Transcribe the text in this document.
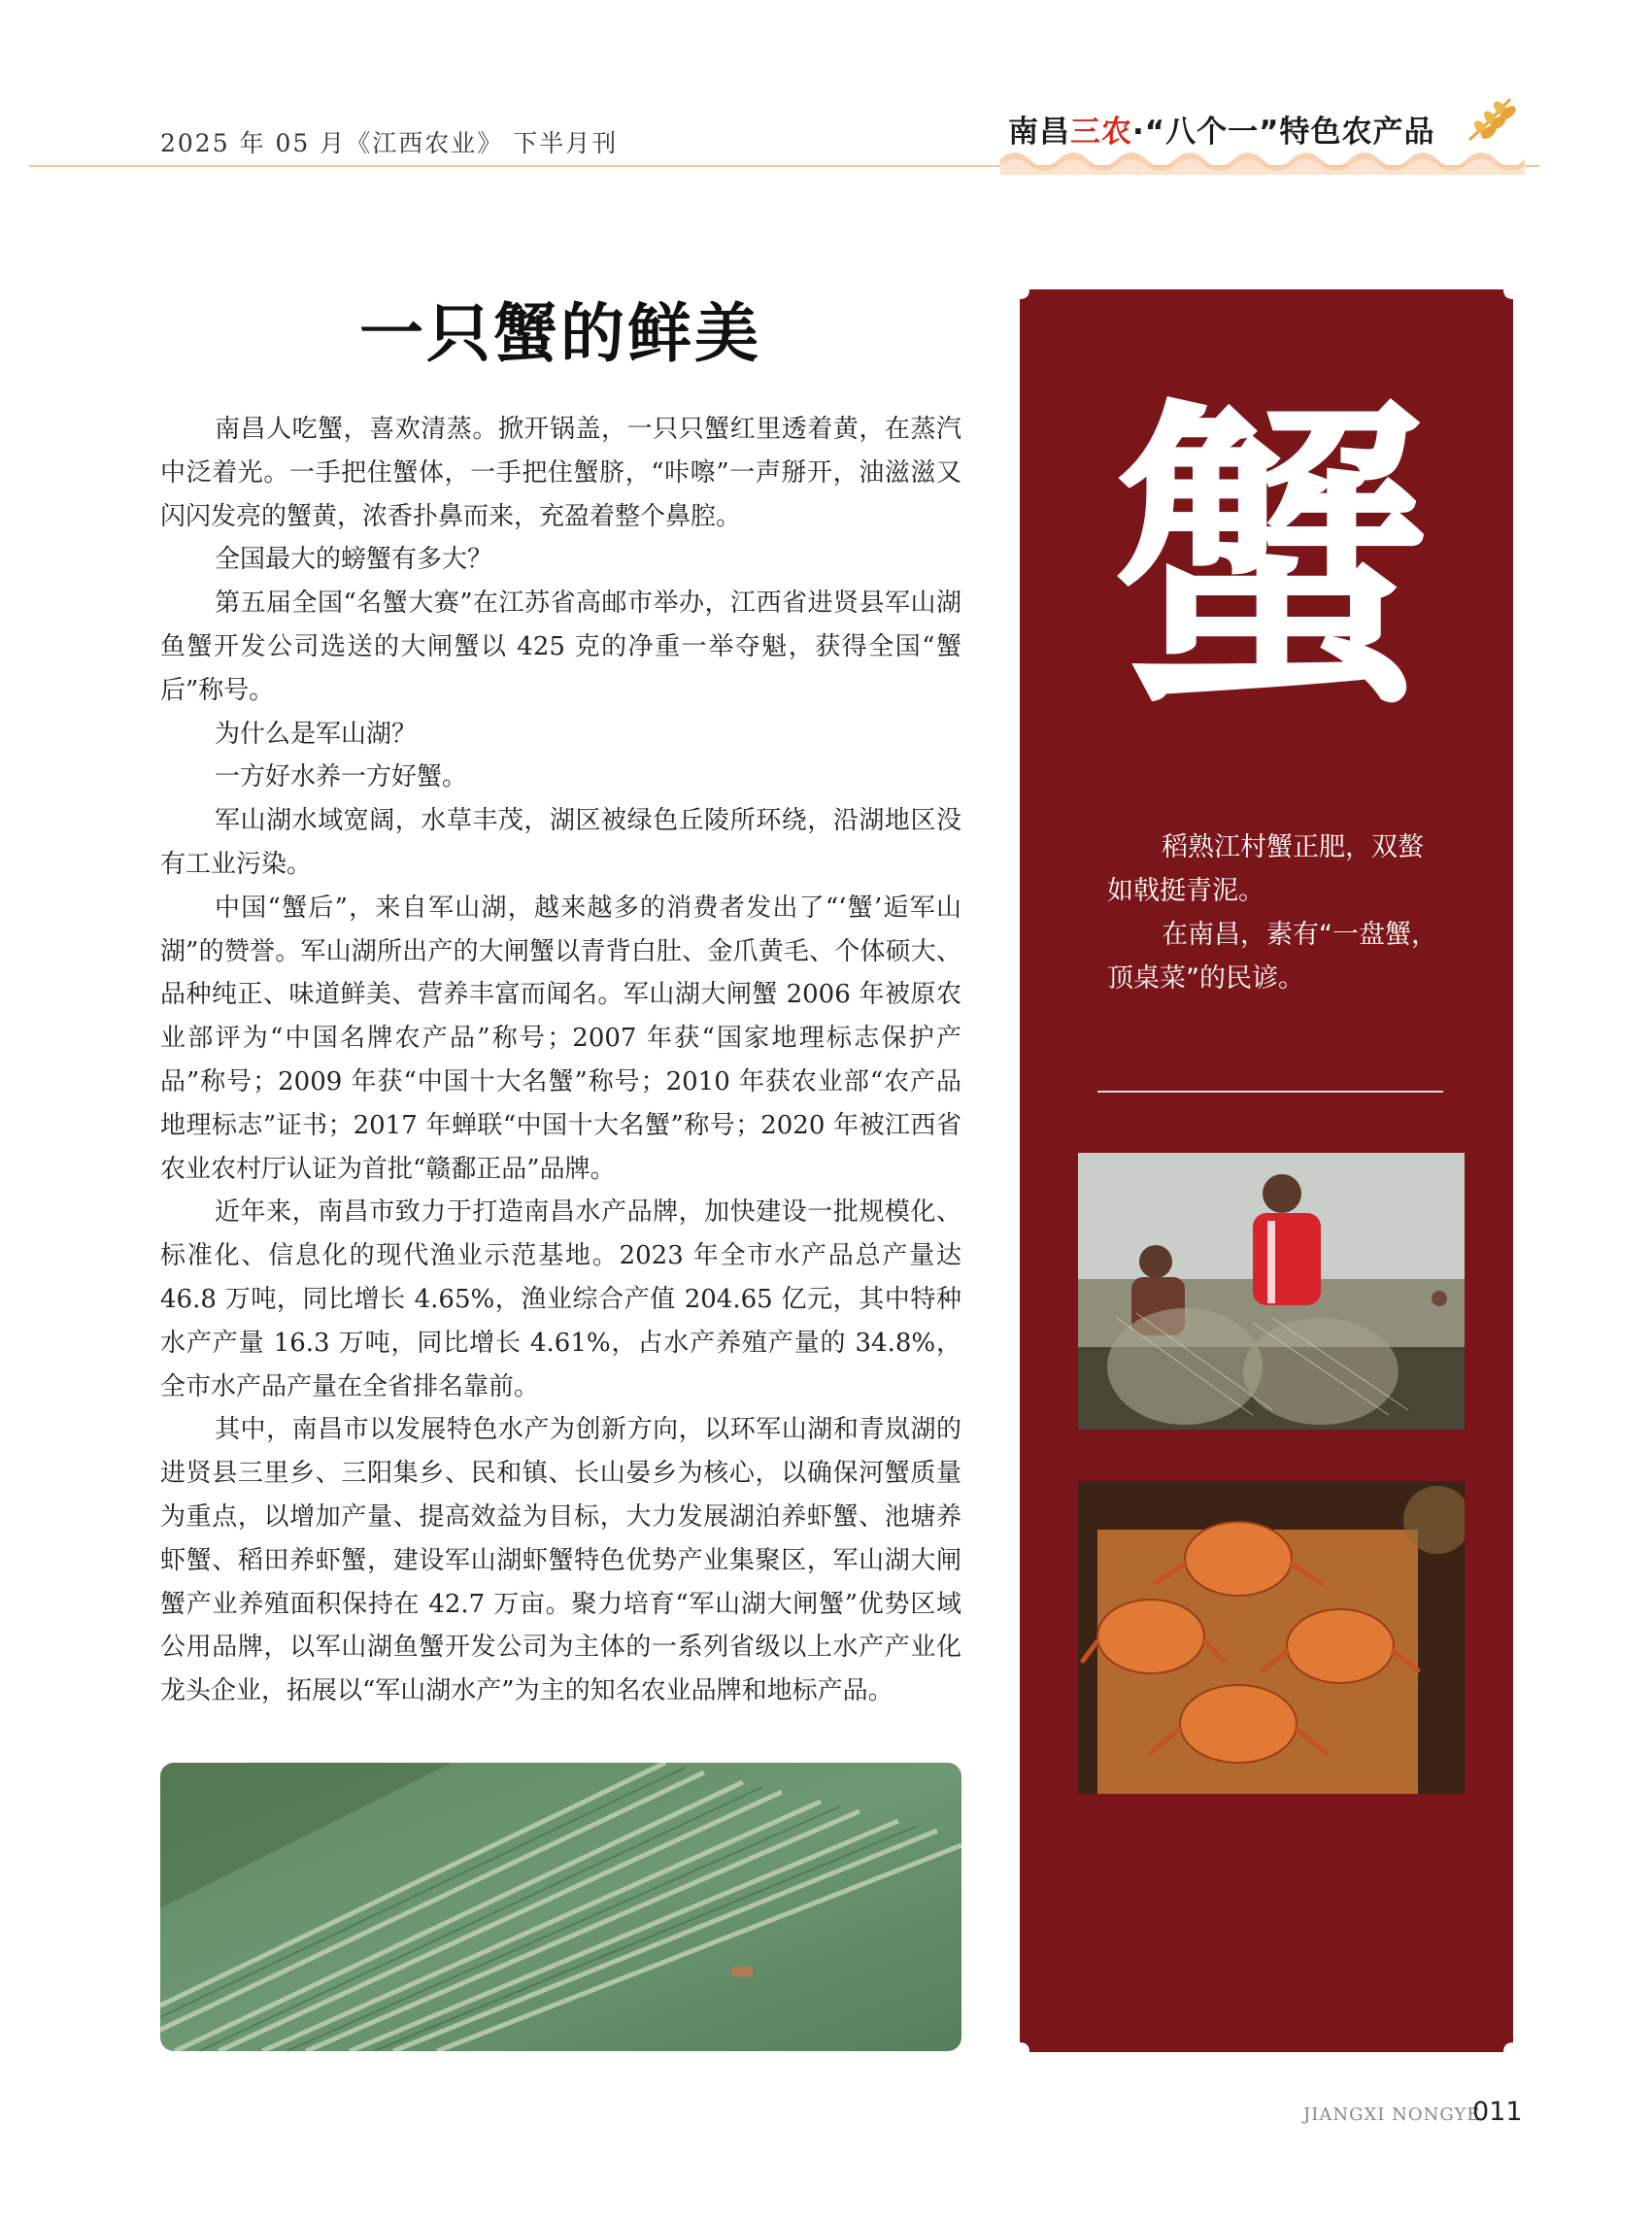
2025 年 05 月《江西农业》 下半月刊	南昌三农·“八个一”特色农产品
一只蟹的鲜美

南昌人吃蟹，喜欢清蒸。掀开锅盖，一只只蟹红里透着黄，在蒸汽中泛着光。一手把住蟹体，一手把住蟹脐，“咔嚓”一声掰开，油滋滋又闪闪发亮的蟹黄，浓香扑鼻而来，充盈着整个鼻腔。

全国最大的螃蟹有多大？

第五届全国“名蟹大赛”在江苏省高邮市举办，江西省进贤县军山湖鱼蟹开发公司选送的大闸蟹以 425 克的净重一举夺魁，获得全国“蟹后”称号。

为什么是军山湖？

一方好水养一方好蟹。

军山湖水域宽阔，水草丰茂，湖区被绿色丘陵所环绕，沿湖地区没有工业污染。

中国“蟹后”，来自军山湖，越来越多的消费者发出了“‘蟹’逅军山湖”的赞誉。军山湖所出产的大闸蟹以青背白肚、金爪黄毛、个体硕大、品种纯正、味道鲜美、营养丰富而闻名。军山湖大闸蟹 2006 年被原农业部评为“中国名牌农产品”称号；2007 年获“国家地理标志保护产品”称号；2009 年获“中国十大名蟹”称号；2010 年获农业部“农产品地理标志”证书；2017 年蝉联“中国十大名蟹”称号；2020 年被江西省农业农村厅认证为首批“赣鄱正品”品牌。

近年来，南昌市致力于打造南昌水产品牌，加快建设一批规模化、标准化、信息化的现代渔业示范基地。2023 年全市水产品总产量达 46.8 万吨，同比增长 4.65%，渔业综合产值 204.65 亿元，其中特种水产产量 16.3 万吨，同比增长 4.61%，占水产养殖产量的 34.8%，全市水产品产量在全省排名靠前。

其中，南昌市以发展特色水产为创新方向，以环军山湖和青岚湖的进贤县三里乡、三阳集乡、民和镇、长山晏乡为核心，以确保河蟹质量为重点，以增加产量、提高效益为目标，大力发展湖泊养虾蟹、池塘养虾蟹、稻田养虾蟹，建设军山湖虾蟹特色优势产业集聚区，军山湖大闸蟹产业养殖面积保持在 42.7 万亩。聚力培育“军山湖大闸蟹”优势区域公用品牌，以军山湖鱼蟹开发公司为主体的一系列省级以上水产产业化龙头企业，拓展以“军山湖水产”为主的知名农业品牌和地标产品。

蟹

稻熟江村蟹正肥，双螯如戟挺青泥。

在南昌，素有“一盘蟹，顶桌菜”的民谚。

JIANGXI NONGYE
011
